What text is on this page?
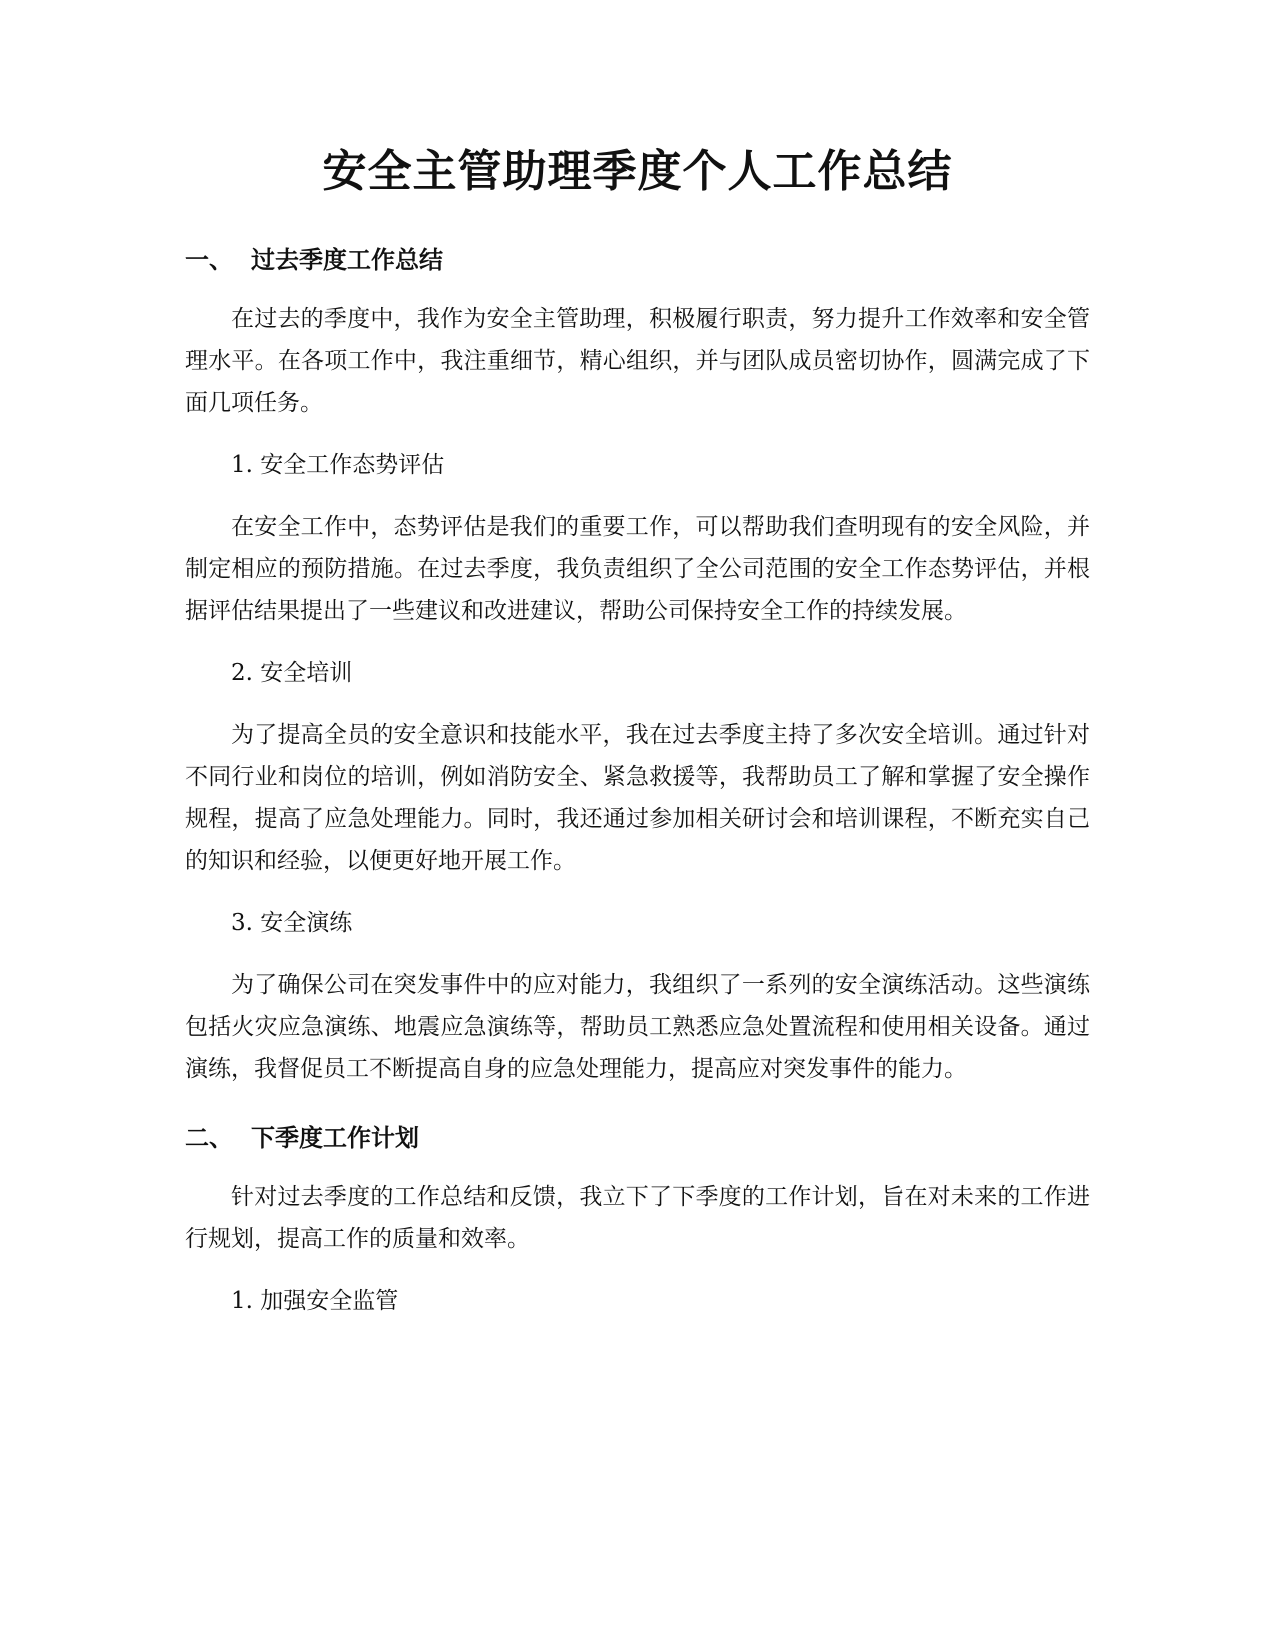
安全主管助理季度个人工作总结
一、 过去季度工作总结

在过去的季度中，我作为安全主管助理，积极履行职责，努力提升工作效率和安全管理水平。在各项工作中，我注重细节，精心组织，并与团队成员密切协作，圆满完成了下面几项任务。

1. 安全工作态势评估

在安全工作中，态势评估是我们的重要工作，可以帮助我们查明现有的安全风险，并制定相应的预防措施。在过去季度，我负责组织了全公司范围的安全工作态势评估，并根据评估结果提出了一些建议和改进建议，帮助公司保持安全工作的持续发展。

2. 安全培训

为了提高全员的安全意识和技能水平，我在过去季度主持了多次安全培训。通过针对不同行业和岗位的培训，例如消防安全、紧急救援等，我帮助员工了解和掌握了安全操作规程，提高了应急处理能力。同时，我还通过参加相关研讨会和培训课程，不断充实自己的知识和经验，以便更好地开展工作。

3. 安全演练

为了确保公司在突发事件中的应对能力，我组织了一系列的安全演练活动。这些演练包括火灾应急演练、地震应急演练等，帮助员工熟悉应急处置流程和使用相关设备。通过演练，我督促员工不断提高自身的应急处理能力，提高应对突发事件的能力。

二、 下季度工作计划

针对过去季度的工作总结和反馈，我立下了下季度的工作计划，旨在对未来的工作进行规划，提高工作的质量和效率。

1. 加强安全监管
